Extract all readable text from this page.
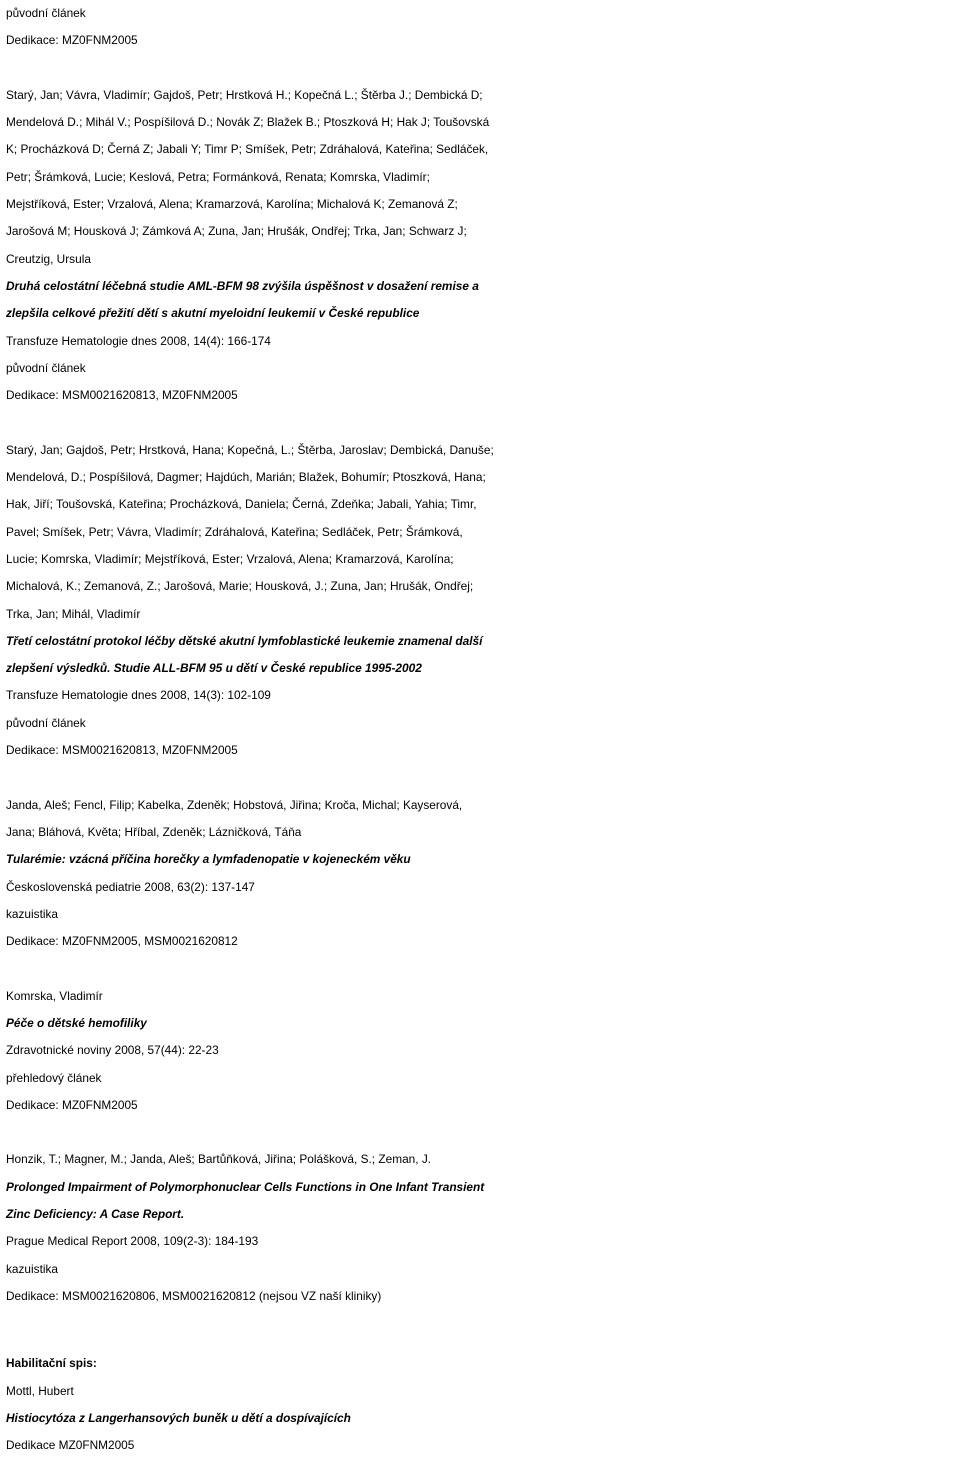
původní článek

Dedikace: MZ0FNM2005

Starý, Jan; Vávra, Vladimír; Gajdoš, Petr; Hrstková H.; Kopečná L.; Štěrba J.; Dembická D;

Mendelová D.; Mihál V.; Pospíšilová D.; Novák Z; Blažek B.; Ptoszková H; Hak J; Toušovská

K; Procházková D; Černá Z; Jabali Y; Timr P; Smíšek, Petr; Zdráhalová, Kateřina; Sedláček,

Petr; Šrámková, Lucie; Keslová, Petra; Formánková, Renata; Komrska, Vladimír;

Mejstříková, Ester; Vrzalová, Alena; Kramarzová, Karolína; Michalová K; Zemanová Z;

Jarošová M; Housková J; Zámková A; Zuna, Jan; Hrušák, Ondřej; Trka, Jan; Schwarz J;

Creutzig, Ursula

Druhá celostátní léčebná studie AML-BFM 98 zvýšila úspěšnost v dosažení remise a

zlepšila celkové přežití dětí s akutní myeloidní leukemií v České republice

Transfuze Hematologie dnes 2008, 14(4): 166-174

původní článek

Dedikace: MSM0021620813, MZ0FNM2005

Starý, Jan; Gajdoš, Petr; Hrstková, Hana; Kopečná, L.; Štěrba, Jaroslav; Dembická, Danuše;

Mendelová, D.; Pospíšilová, Dagmer; Hajdúch, Marián; Blažek, Bohumír; Ptoszková, Hana;

Hak, Jiří; Toušovská, Kateřina; Procházková, Daniela; Černá, Zdeňka; Jabali, Yahia; Timr,

Pavel; Smíšek, Petr; Vávra, Vladimír; Zdráhalová, Kateřina; Sedláček, Petr; Šrámková,

Lucie; Komrska, Vladimír; Mejstříková, Ester; Vrzalová, Alena; Kramarzová, Karolína;

Michalová, K.; Zemanová, Z.; Jarošová, Marie; Housková, J.; Zuna, Jan; Hrušák, Ondřej;

Trka, Jan; Mihál, Vladimír

Třetí celostátní protokol léčby dětské akutní lymfoblastické leukemie znamenal další

zlepšení výsledků. Studie ALL-BFM 95 u dětí v České republice 1995-2002

Transfuze Hematologie dnes 2008, 14(3): 102-109

původní článek

Dedikace: MSM0021620813, MZ0FNM2005

Janda, Aleš; Fencl, Filip; Kabelka, Zdeněk; Hobstová, Jiřina; Kroča, Michal; Kayserová,

Jana; Bláhová, Květa; Hříbal, Zdeněk; Lázničková, Táňa

Tularémie: vzácná příčina horečky a lymfadenopatie v kojeneckém věku

Československá pediatrie 2008, 63(2): 137-147

kazuistika

Dedikace: MZ0FNM2005, MSM0021620812

Komrska, Vladimír

Péče o dětské hemofiliky

Zdravotnické noviny 2008, 57(44): 22-23

přehledový článek

Dedikace: MZ0FNM2005

Honzik, T.; Magner, M.; Janda, Aleš; Bartůňková, Jiřina; Polášková, S.; Zeman, J.

Prolonged Impairment of Polymorphonuclear Cells Functions in One Infant Transient

Zinc Deficiency: A Case Report.

Prague Medical Report 2008, 109(2-3): 184-193

kazuistika

Dedikace: MSM0021620806, MSM0021620812 (nejsou VZ naší kliniky)

Habilitační spis:

Mottl, Hubert

Histiocytóza z Langerhansových buněk u dětí a dospívajících

Dedikace MZ0FNM2005
